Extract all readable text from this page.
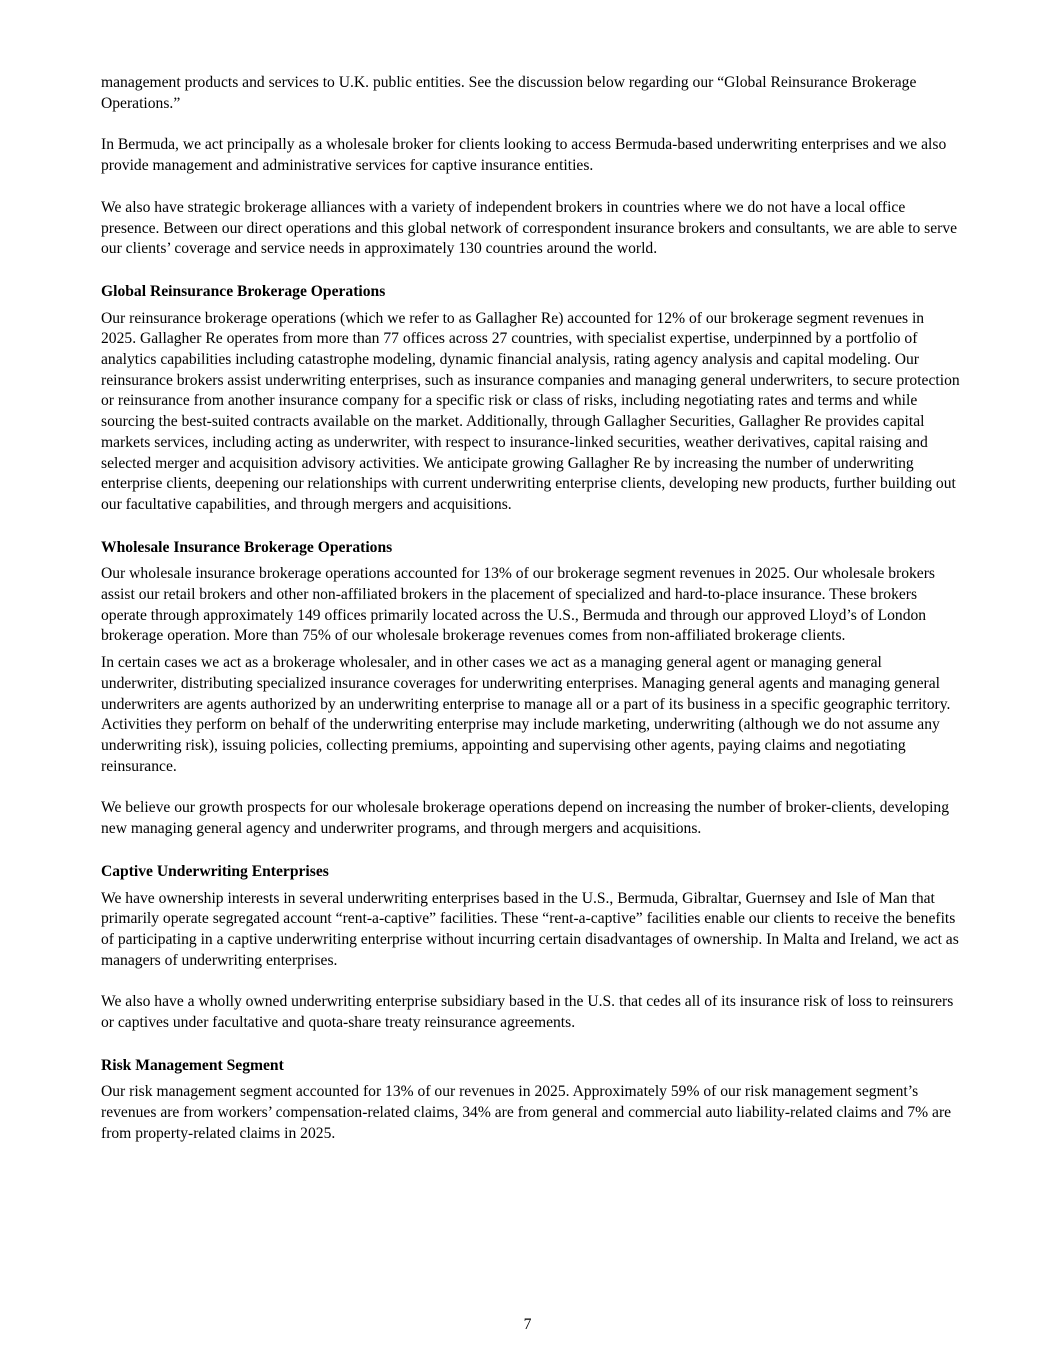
management products and services to U.K. public entities. See the discussion below regarding our “Global Reinsurance Brokerage Operations.”

In Bermuda, we act principally as a wholesale broker for clients looking to access Bermuda-based underwriting enterprises and we also provide management and administrative services for captive insurance entities.

We also have strategic brokerage alliances with a variety of independent brokers in countries where we do not have a local office presence. Between our direct operations and this global network of correspondent insurance brokers and consultants, we are able to serve our clients’ coverage and service needs in approximately 130 countries around the world.

Global Reinsurance Brokerage Operations

Our reinsurance brokerage operations (which we refer to as Gallagher Re) accounted for 12% of our brokerage segment revenues in 2025. Gallagher Re operates from more than 77 offices across 27 countries, with specialist expertise, underpinned by a portfolio of analytics capabilities including catastrophe modeling, dynamic financial analysis, rating agency analysis and capital modeling. Our reinsurance brokers assist underwriting enterprises, such as insurance companies and managing general underwriters, to secure protection or reinsurance from another insurance company for a specific risk or class of risks, including negotiating rates and terms and while sourcing the best-suited contracts available on the market. Additionally, through Gallagher Securities, Gallagher Re provides capital markets services, including acting as underwriter, with respect to insurance-linked securities, weather derivatives, capital raising and selected merger and acquisition advisory activities. We anticipate growing Gallagher Re by increasing the number of underwriting enterprise clients, deepening our relationships with current underwriting enterprise clients, developing new products, further building out our facultative capabilities, and through mergers and acquisitions.

Wholesale Insurance Brokerage Operations

Our wholesale insurance brokerage operations accounted for 13% of our brokerage segment revenues in 2025. Our wholesale brokers assist our retail brokers and other non-affiliated brokers in the placement of specialized and hard-to-place insurance. These brokers operate through approximately 149 offices primarily located across the U.S., Bermuda and through our approved Lloyd’s of London brokerage operation. More than 75% of our wholesale brokerage revenues comes from non-affiliated brokerage clients.

In certain cases we act as a brokerage wholesaler, and in other cases we act as a managing general agent or managing general underwriter, distributing specialized insurance coverages for underwriting enterprises. Managing general agents and managing general underwriters are agents authorized by an underwriting enterprise to manage all or a part of its business in a specific geographic territory. Activities they perform on behalf of the underwriting enterprise may include marketing, underwriting (although we do not assume any underwriting risk), issuing policies, collecting premiums, appointing and supervising other agents, paying claims and negotiating reinsurance.

We believe our growth prospects for our wholesale brokerage operations depend on increasing the number of broker-clients, developing new managing general agency and underwriter programs, and through mergers and acquisitions.

Captive Underwriting Enterprises

We have ownership interests in several underwriting enterprises based in the U.S., Bermuda, Gibraltar, Guernsey and Isle of Man that primarily operate segregated account “rent-a-captive” facilities. These “rent-a-captive” facilities enable our clients to receive the benefits of participating in a captive underwriting enterprise without incurring certain disadvantages of ownership. In Malta and Ireland, we act as managers of underwriting enterprises.

We also have a wholly owned underwriting enterprise subsidiary based in the U.S. that cedes all of its insurance risk of loss to reinsurers or captives under facultative and quota-share treaty reinsurance agreements.

Risk Management Segment

Our risk management segment accounted for 13% of our revenues in 2025. Approximately 59% of our risk management segment’s revenues are from workers’ compensation-related claims, 34% are from general and commercial auto liability-related claims and 7% are from property-related claims in 2025.

7
